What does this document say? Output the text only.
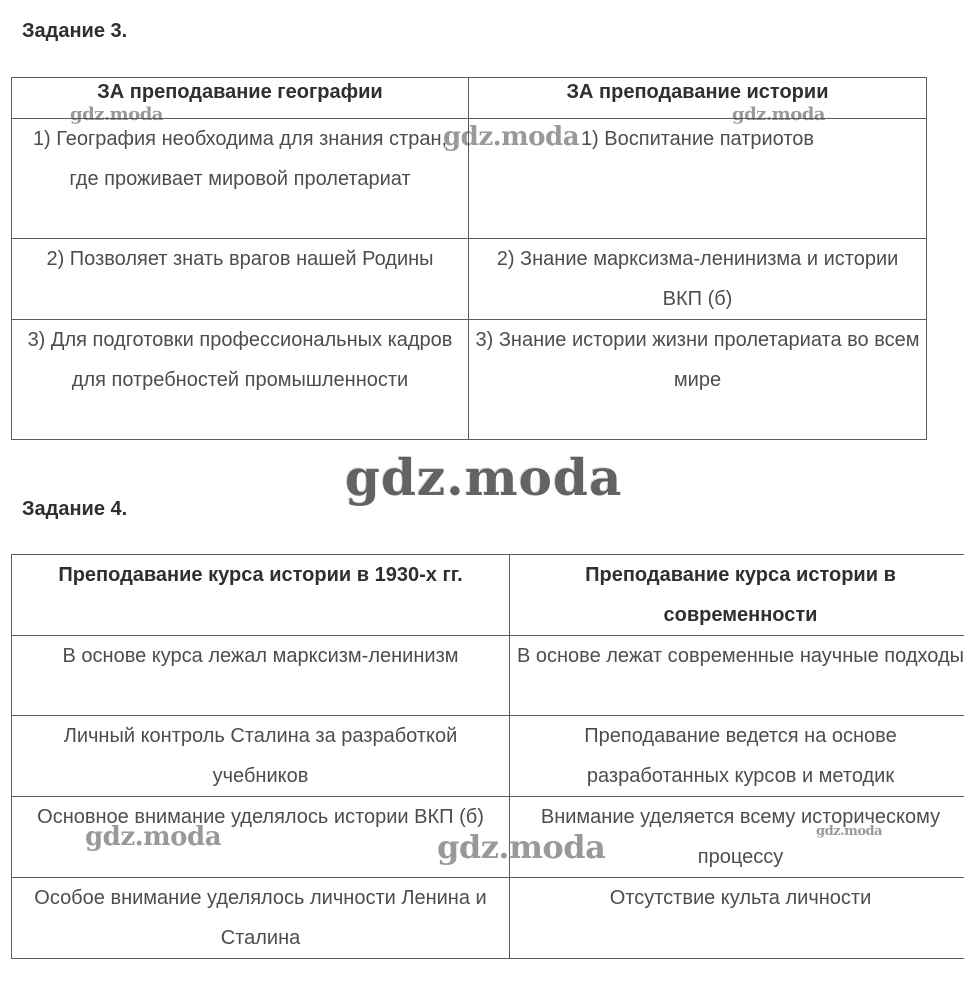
Задание 3.
ЗА преподавание географии	ЗА преподавание истории
1) География необходима для знания стран, где проживает мировой пролетариат	1) Воспитание патриотов
2) Позволяет знать врагов нашей Родины	2) Знание марксизма-ленинизма и истории ВКП (б)
3) Для подготовки профессиональных кадров для потребностей промышленности	3) Знание истории жизни пролетариата во всем мире
Задание 4.
Преподавание курса истории в 1930-х гг.	Преподавание курса истории в современности
В основе курса лежал марксизм-ленинизм	В основе лежат современные научные подходы
Личный контроль Сталина за разработкой учебников	Преподавание ведется на основе разработанных курсов и методик
Основное внимание уделялось истории ВКП (б)	Внимание уделяется всему историческому процессу
Особое внимание уделялось личности Ленина и Сталина	Отсутствие культа личности
gdz.moda
gdz.moda
gdz.moda
gdz.moda
gdz.moda	gdz.moda	gdz.moda
